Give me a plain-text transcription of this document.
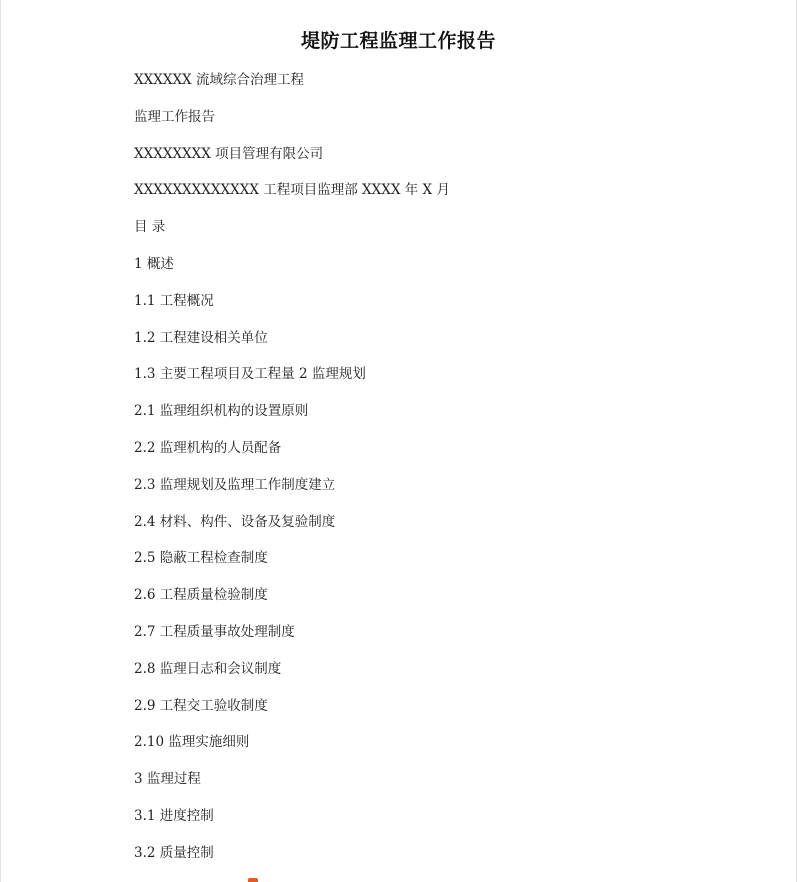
堤防工程监理工作报告
XXXXXX 流域综合治理工程
监理工作报告
XXXXXXXX 项目管理有限公司
XXXXXXXXXXXXX 工程项目监理部 XXXX 年 X 月
目 录
1 概述
1.1 工程概况
1.2 工程建设相关单位
1.3 主要工程项目及工程量 2 监理规划
2.1 监理组织机构的设置原则
2.2 监理机构的人员配备
2.3 监理规划及监理工作制度建立
2.4 材料、构件、设备及复验制度
2.5 隐蔽工程检查制度
2.6 工程质量检验制度
2.7 工程质量事故处理制度
2.8 监理日志和会议制度
2.9 工程交工验收制度
2.10 监理实施细则
3 监理过程
3.1 进度控制
3.2 质量控制
